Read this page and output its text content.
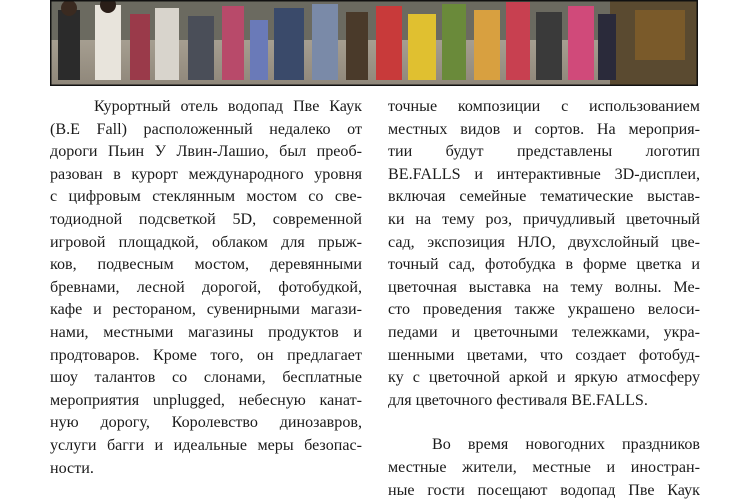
Курортный отель водопад Пве Каук
(B.E Fall) расположенный недалеко от
дороги Пьин У Лвин-Лашио, был преоб-
разован в курорт международного уровня
с цифровым стеклянным мостом со све-
тодиодной подсветкой 5D, современной
игровой площадкой, облаком для прыж-
ков, подвесным мостом, деревянными
бревнами, лесной дорогой, фотобудкой,
кафе и рестораном, сувенирными магази-
нами, местными магазины продуктов и
продтоваров. Кроме того, он предлагает
шоу талантов со слонами, бесплатные
мероприятия unplugged, небесную канат-
ную дорогу, Королевство динозавров,
услуги багги и идеальные меры безопас-
ности.
точные композиции с использованием
местных видов и сортов. На мероприя-
тии будут представлены логотип
BE.FALLS и интерактивные 3D-дисплеи,
включая семейные тематические выстав-
ки на тему роз, причудливый цветочный
сад, экспозиция НЛО, двухслойный цве-
точный сад, фотобудка в форме цветка и
цветочная выставка на тему волны. Ме-
сто проведения также украшено велоси-
педами и цветочными тележками, укра-
шенными цветами, что создает фотобуд-
ку с цветочной аркой и яркую атмосферу
для цветочного фестиваля BE.FALLS.
Во время новогодних праздников
местные жители, местные и иностран-
ные гости посещают водопад Пве Каук
